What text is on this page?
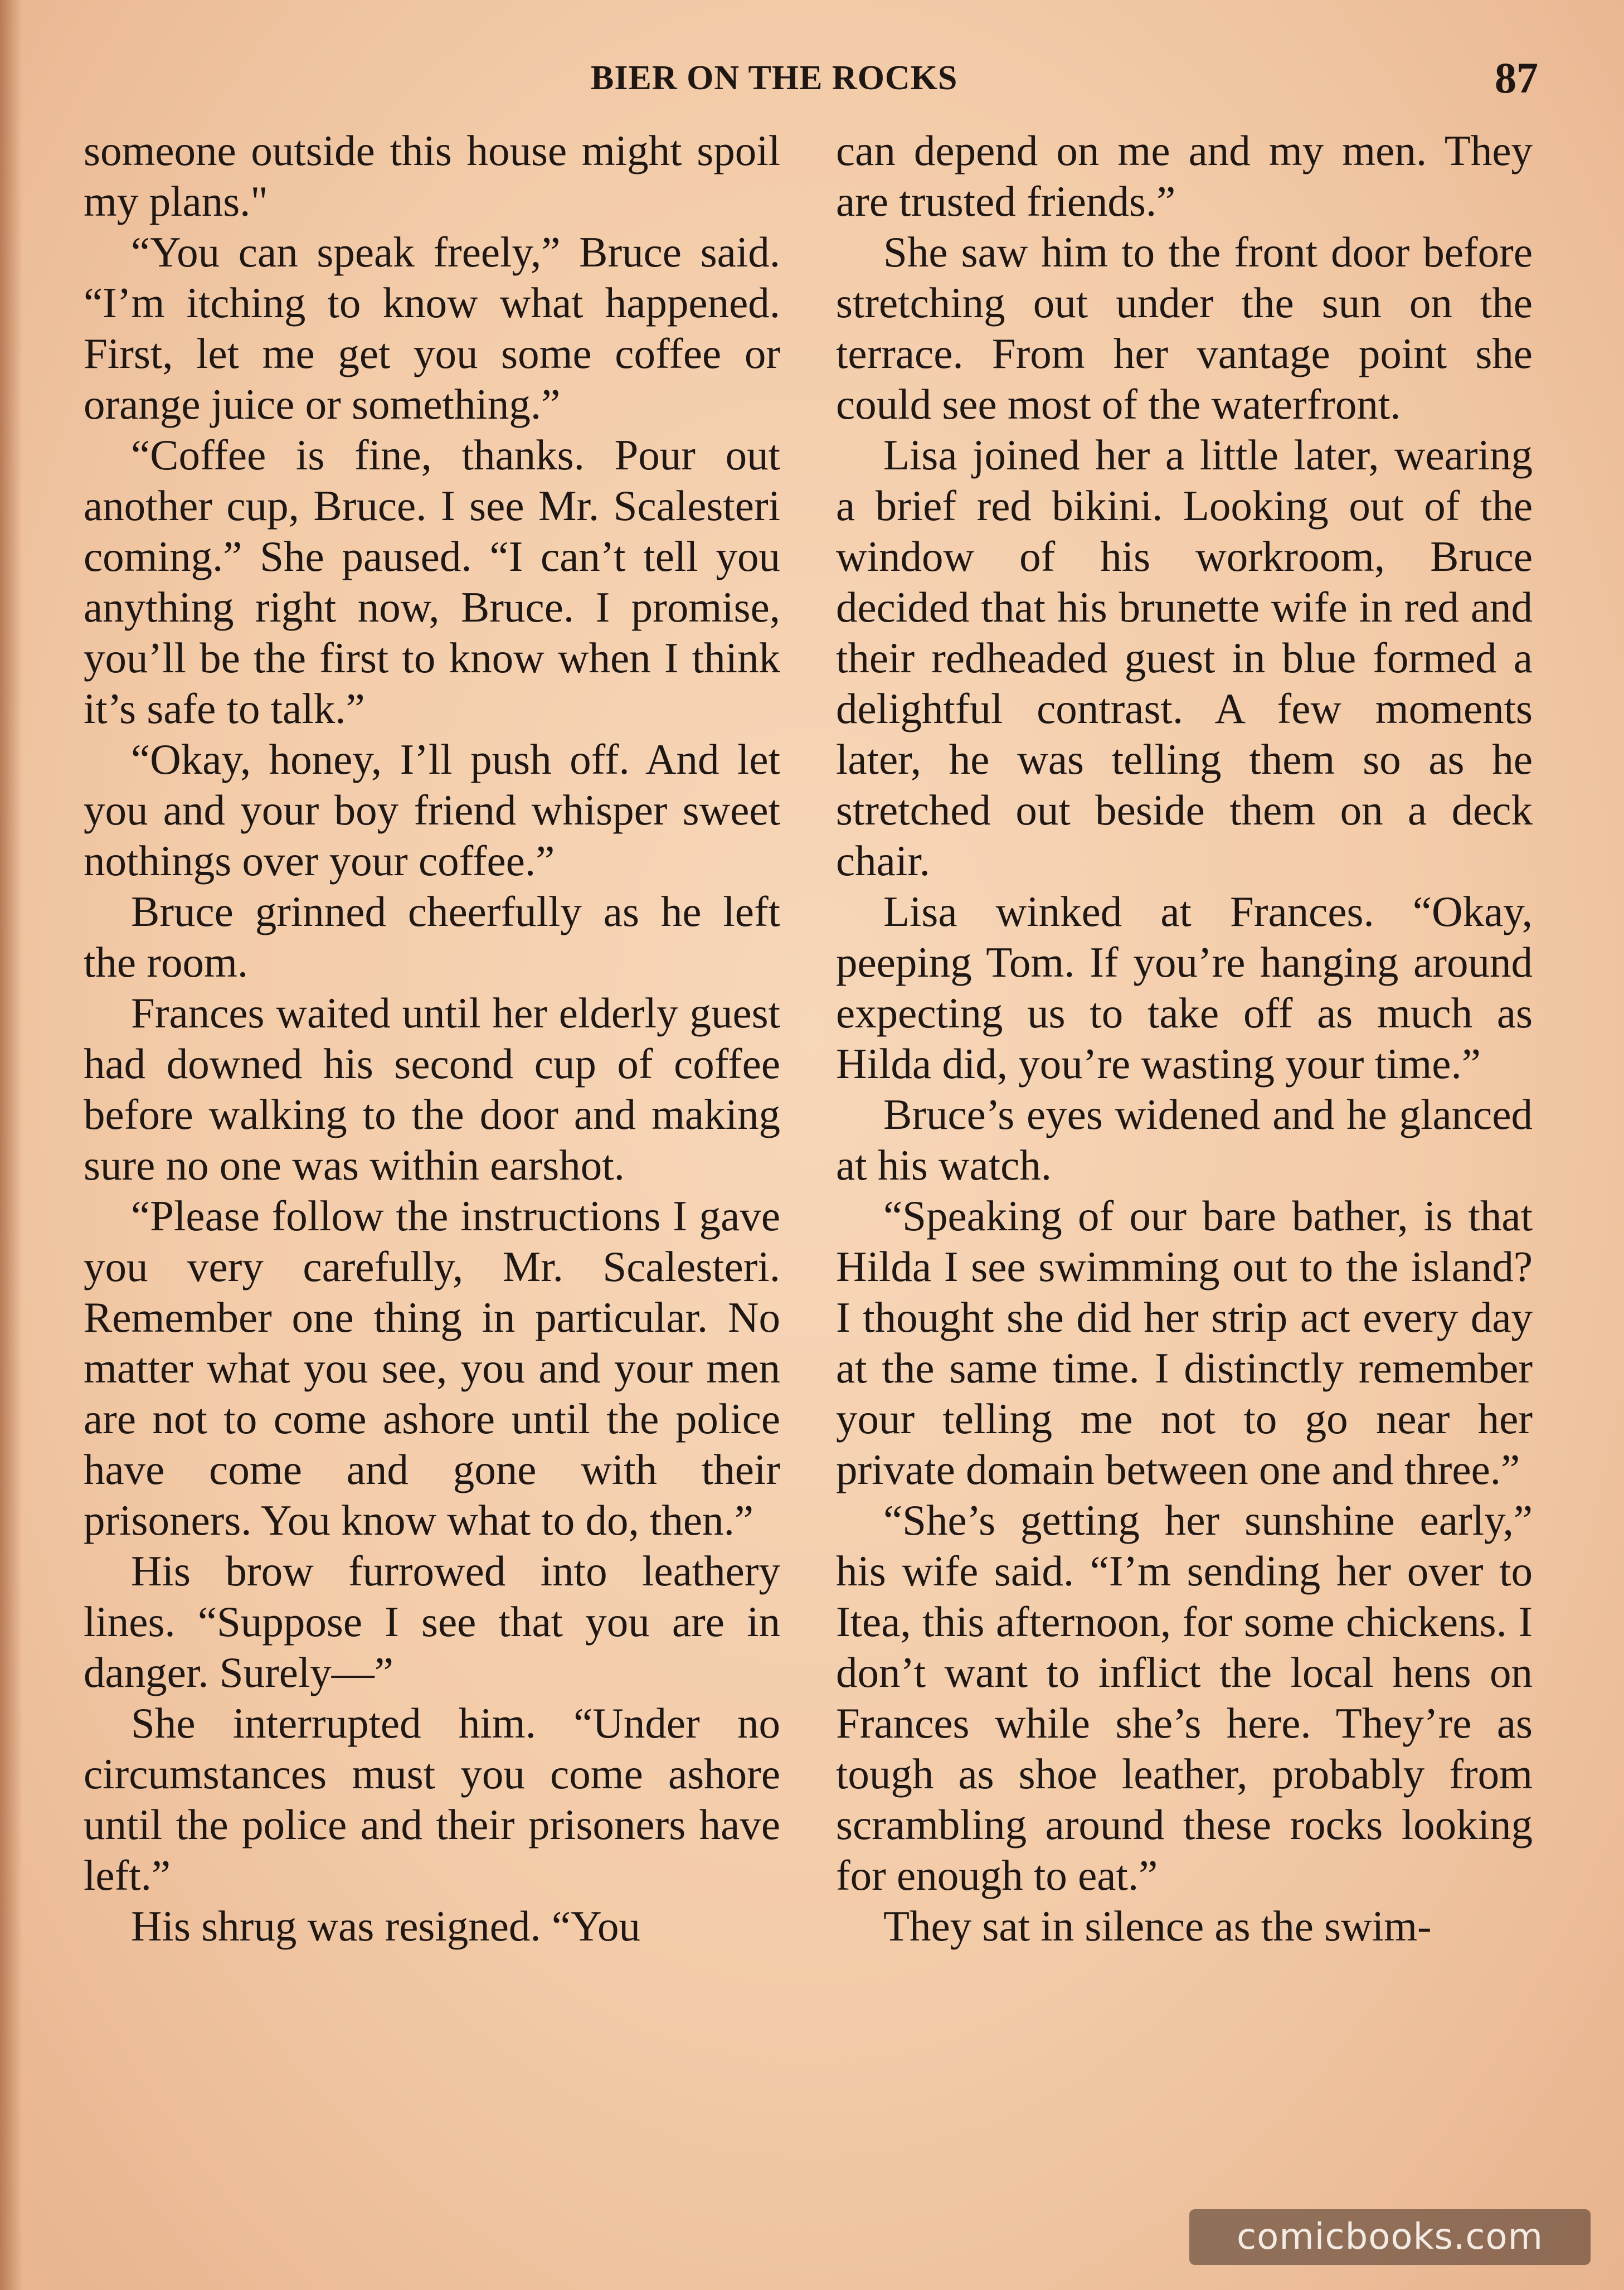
BIER ON THE ROCKS	87

someone outside this house might spoil my plans."

“You can speak freely,” Bruce said. “I’m itching to know what happened. First, let me get you some coffee or orange juice or something.”

“Coffee is fine, thanks. Pour out another cup, Bruce. I see Mr. Scalesteri coming.” She paused. “I can’t tell you anything right now, Bruce. I promise, you’ll be the first to know when I think it’s safe to talk.”

“Okay, honey, I’ll push off. And let you and your boy friend whisper sweet nothings over your coffee.”

Bruce grinned cheerfully as he left the room.

Frances waited until her elderly guest had downed his second cup of coffee before walking to the door and making sure no one was within earshot.

“Please follow the instructions I gave you very carefully, Mr. Scalesteri. Remember one thing in particular. No matter what you see, you and your men are not to come ashore until the police have come and gone with their prisoners. You know what to do, then.”

His brow furrowed into leathery lines. “Suppose I see that you are in danger. Surely—”

She interrupted him. “Under no circumstances must you come ashore until the police and their prisoners have left.”

His shrug was resigned. “You

can depend on me and my men. They are trusted friends.”

She saw him to the front door before stretching out under the sun on the terrace. From her vantage point she could see most of the waterfront.

Lisa joined her a little later, wearing a brief red bikini. Looking out of the window of his workroom, Bruce decided that his brunette wife in red and their redheaded guest in blue formed a delightful contrast. A few moments later, he was telling them so as he stretched out beside them on a deck chair.

Lisa winked at Frances. “Okay, peeping Tom. If you’re hanging around expecting us to take off as much as Hilda did, you’re wasting your time.”

Bruce’s eyes widened and he glanced at his watch.

“Speaking of our bare bather, is that Hilda I see swimming out to the island? I thought she did her strip act every day at the same time. I distinctly remember your telling me not to go near her private domain between one and three.”

“She’s getting her sunshine early,” his wife said. “I’m sending her over to Itea, this afternoon, for some chickens. I don’t want to inflict the local hens on Frances while she’s here. They’re as tough as shoe leather, probably from scrambling around these rocks looking for enough to eat.”

They sat in silence as the swim-

comicbooks.com
